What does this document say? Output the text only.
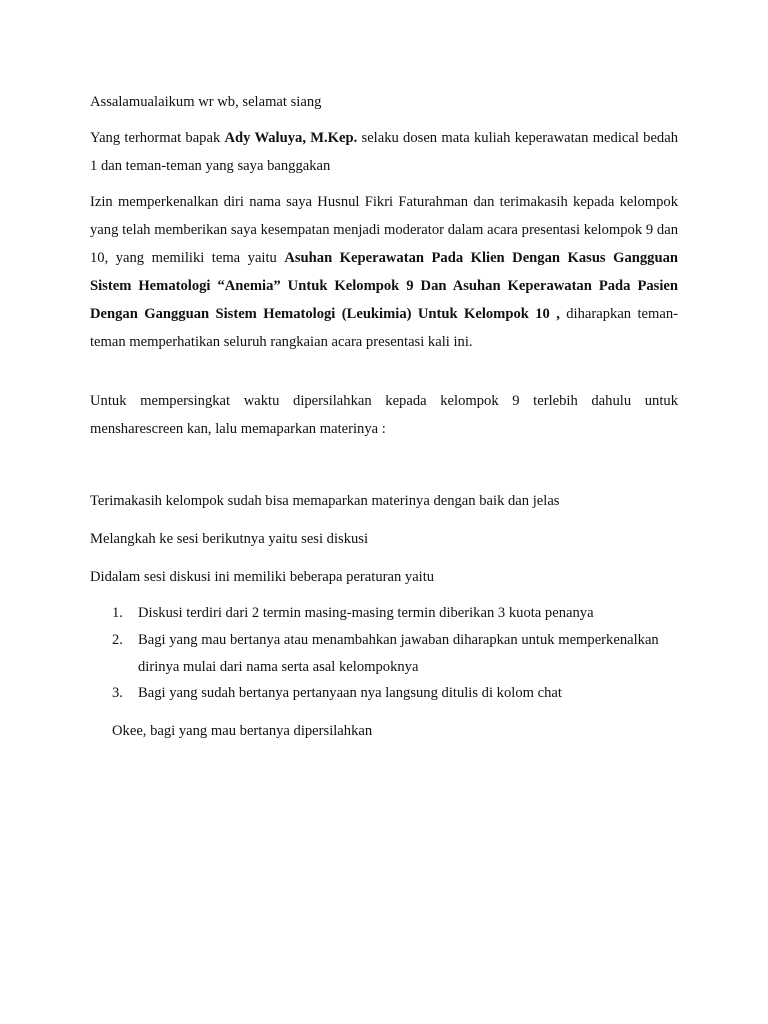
Assalamualaikum wr wb, selamat siang

Yang terhormat bapak Ady Waluya, M.Kep. selaku dosen mata kuliah keperawatan medical bedah 1 dan teman-teman yang saya banggakan

Izin memperkenalkan diri nama saya Husnul Fikri Faturahman dan terimakasih kepada kelompok yang telah memberikan saya kesempatan menjadi moderator dalam acara presentasi kelompok 9 dan 10, yang memiliki tema yaitu Asuhan Keperawatan Pada Klien Dengan Kasus Gangguan Sistem Hematologi “Anemia” Untuk Kelompok 9 Dan Asuhan Keperawatan Pada Pasien Dengan Gangguan Sistem Hematologi (Leukimia) Untuk Kelompok 10 , diharapkan teman-teman memperhatikan seluruh rangkaian acara presentasi kali ini.

Untuk mempersingkat waktu dipersilahkan kepada kelompok 9 terlebih dahulu untuk mensharescreen kan, lalu memaparkan materinya :

Terimakasih kelompok sudah bisa memaparkan materinya dengan baik dan jelas

Melangkah ke sesi berikutnya yaitu sesi diskusi

Didalam sesi diskusi ini memiliki beberapa peraturan yaitu

1.	Diskusi terdiri dari 2 termin masing-masing termin diberikan 3 kuota penanya
2.	Bagi yang mau bertanya atau menambahkan jawaban diharapkan untuk memperkenalkan dirinya mulai dari nama serta asal kelompoknya
3.	Bagi yang sudah bertanya pertanyaan nya langsung ditulis di kolom chat

Okee, bagi yang mau bertanya dipersilahkan
